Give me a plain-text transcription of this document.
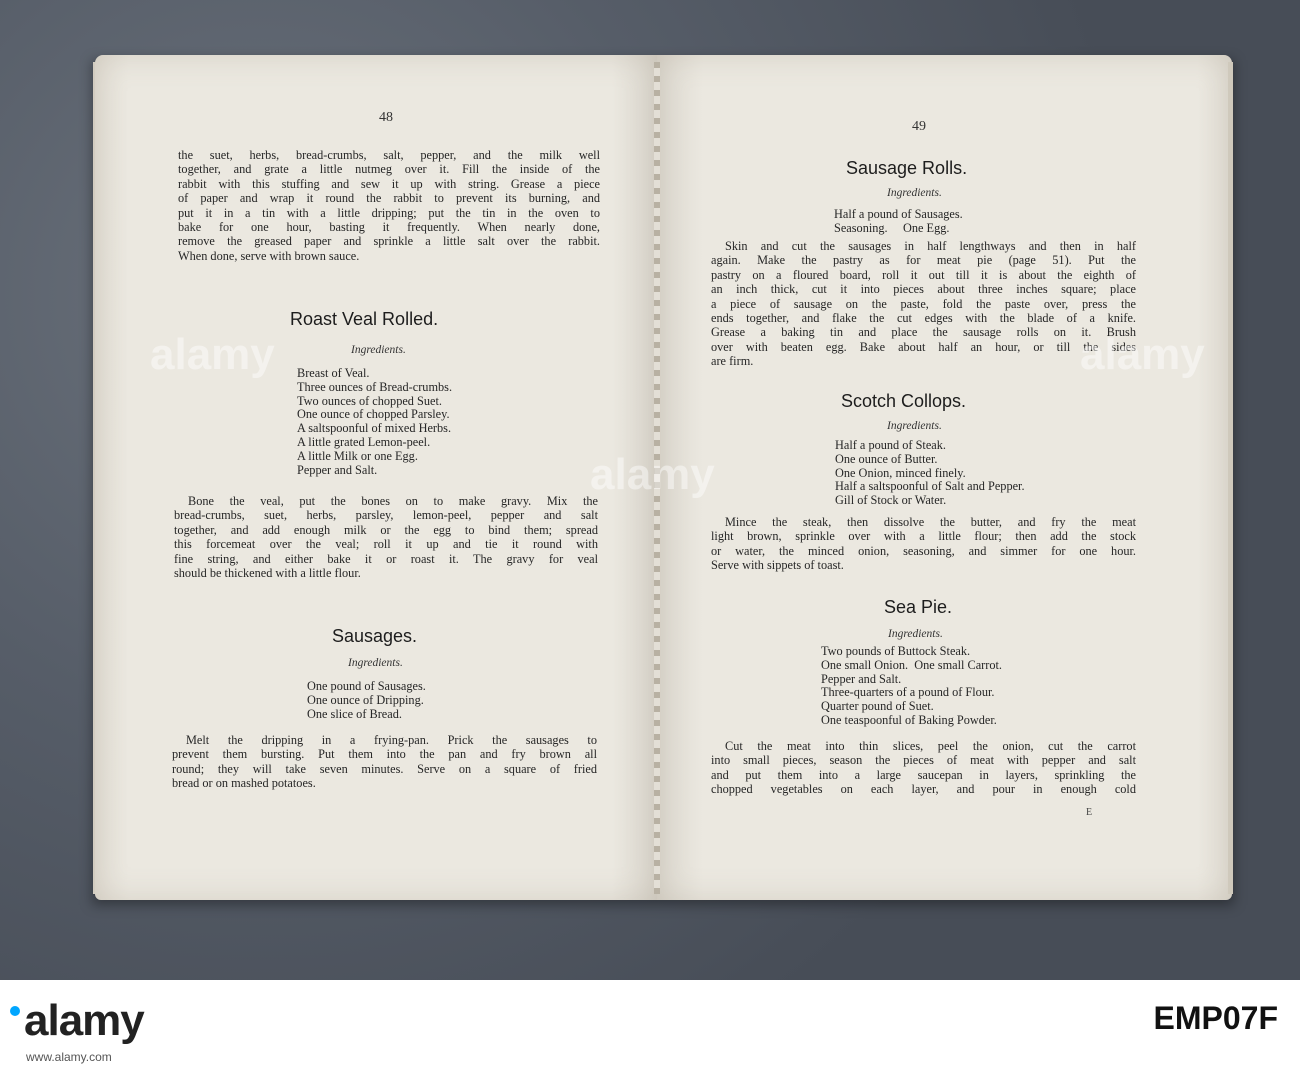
48
the suet, herbs, bread-crumbs, salt, pepper, and the milk well
together, and grate a little nutmeg over it. Fill the inside of the
rabbit with this stuffing and sew it up with string. Grease a piece
of paper and wrap it round the rabbit to prevent its burning, and
put it in a tin with a little dripping; put the tin in the oven to
bake for one hour, basting it frequently. When nearly done,
remove the greased paper and sprinkle a little salt over the rabbit.
When done, serve with brown sauce.
Roast Veal Rolled.
Ingredients.
Breast of Veal.
Three ounces of Bread-crumbs.
Two ounces of chopped Suet.
One ounce of chopped Parsley.
A saltspoonful of mixed Herbs.
A little grated Lemon-peel.
A little Milk or one Egg.
Pepper and Salt.
Bone the veal, put the bones on to make gravy. Mix the
bread-crumbs, suet, herbs, parsley, lemon-peel, pepper and salt
together, and add enough milk or the egg to bind them; spread
this forcemeat over the veal; roll it up and tie it round with
fine string, and either bake it or roast it. The gravy for veal
should be thickened with a little flour.
Sausages.
Ingredients.
One pound of Sausages.
One ounce of Dripping.
One slice of Bread.
Melt the dripping in a frying-pan. Prick the sausages to
prevent them bursting. Put them into the pan and fry brown all
round; they will take seven minutes. Serve on a square of fried
bread or on mashed potatoes.
49
Sausage Rolls.
Ingredients.
Half a pound of Sausages.
Seasoning.     One Egg.
Skin and cut the sausages in half lengthways and then in half
again. Make the pastry as for meat pie (page 51). Put the
pastry on a floured board, roll it out till it is about the eighth of
an inch thick, cut it into pieces about three inches square; place
a piece of sausage on the paste, fold the paste over, press the
ends together, and flake the cut edges with the blade of a knife.
Grease a baking tin and place the sausage rolls on it. Brush
over with beaten egg. Bake about half an hour, or till the sides
are firm.
Scotch Collops.
Ingredients.
Half a pound of Steak.
One ounce of Butter.
One Onion, minced finely.
Half a saltspoonful of Salt and Pepper.
Gill of Stock or Water.
Mince the steak, then dissolve the butter, and fry the meat
light brown, sprinkle over with a little flour; then add the stock
or water, the minced onion, seasoning, and simmer for one hour.
Serve with sippets of toast.
Sea Pie.
Ingredients.
Two pounds of Buttock Steak.
One small Onion.  One small Carrot.
Pepper and Salt.
Three-quarters of a pound of Flour.
Quarter pound of Suet.
One teaspoonful of Baking Powder.
Cut the meat into thin slices, peel the onion, cut the carrot
into small pieces, season the pieces of meat with pepper and salt
and put them into a large saucepan in layers, sprinkling the
chopped vegetables on each layer, and pour in enough cold
E
alamy
alamy
alamy
alamy	EMP07F
www.alamy.com
